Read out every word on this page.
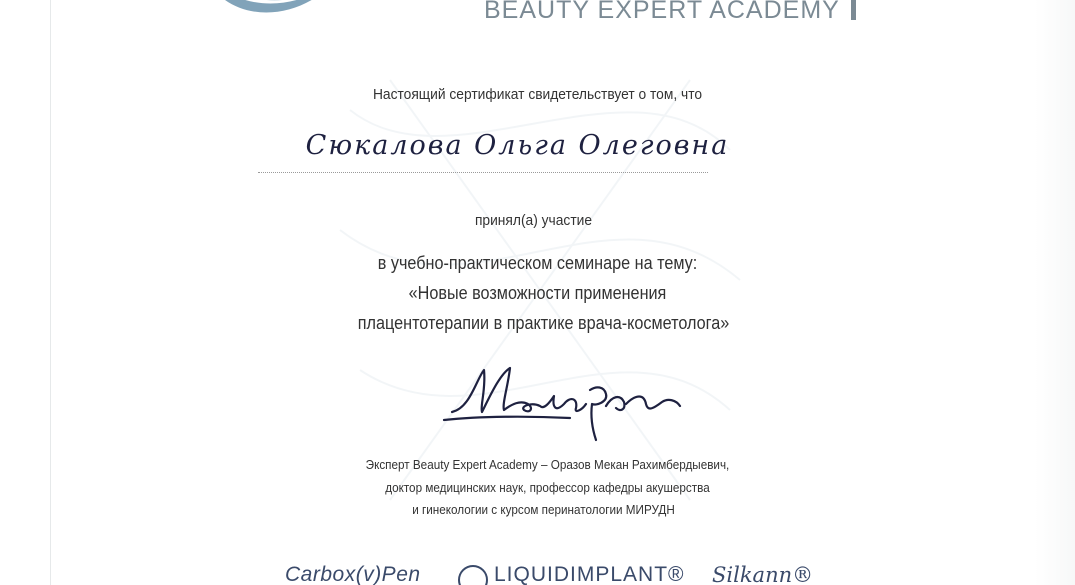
BEAUTY EXPERT ACADEMY
Настоящий сертификат свидетельствует о том, что
Сюкалова Ольга Олеговна
принял(а) участие
в учебно-практическом семинаре на тему:
«Новые возможности применения
плацентотерапии в практике врача-косметолога»
Эксперт Beauty Expert Academy – Оразов Мекан Рахимбердыевич,
доктор медицинских наук, профессор кафедры акушерства
и гинекологии с курсом перинатологии МИРУДН
Carbox(v)Pen	LIQUIDIMPLANT® Silkann®
